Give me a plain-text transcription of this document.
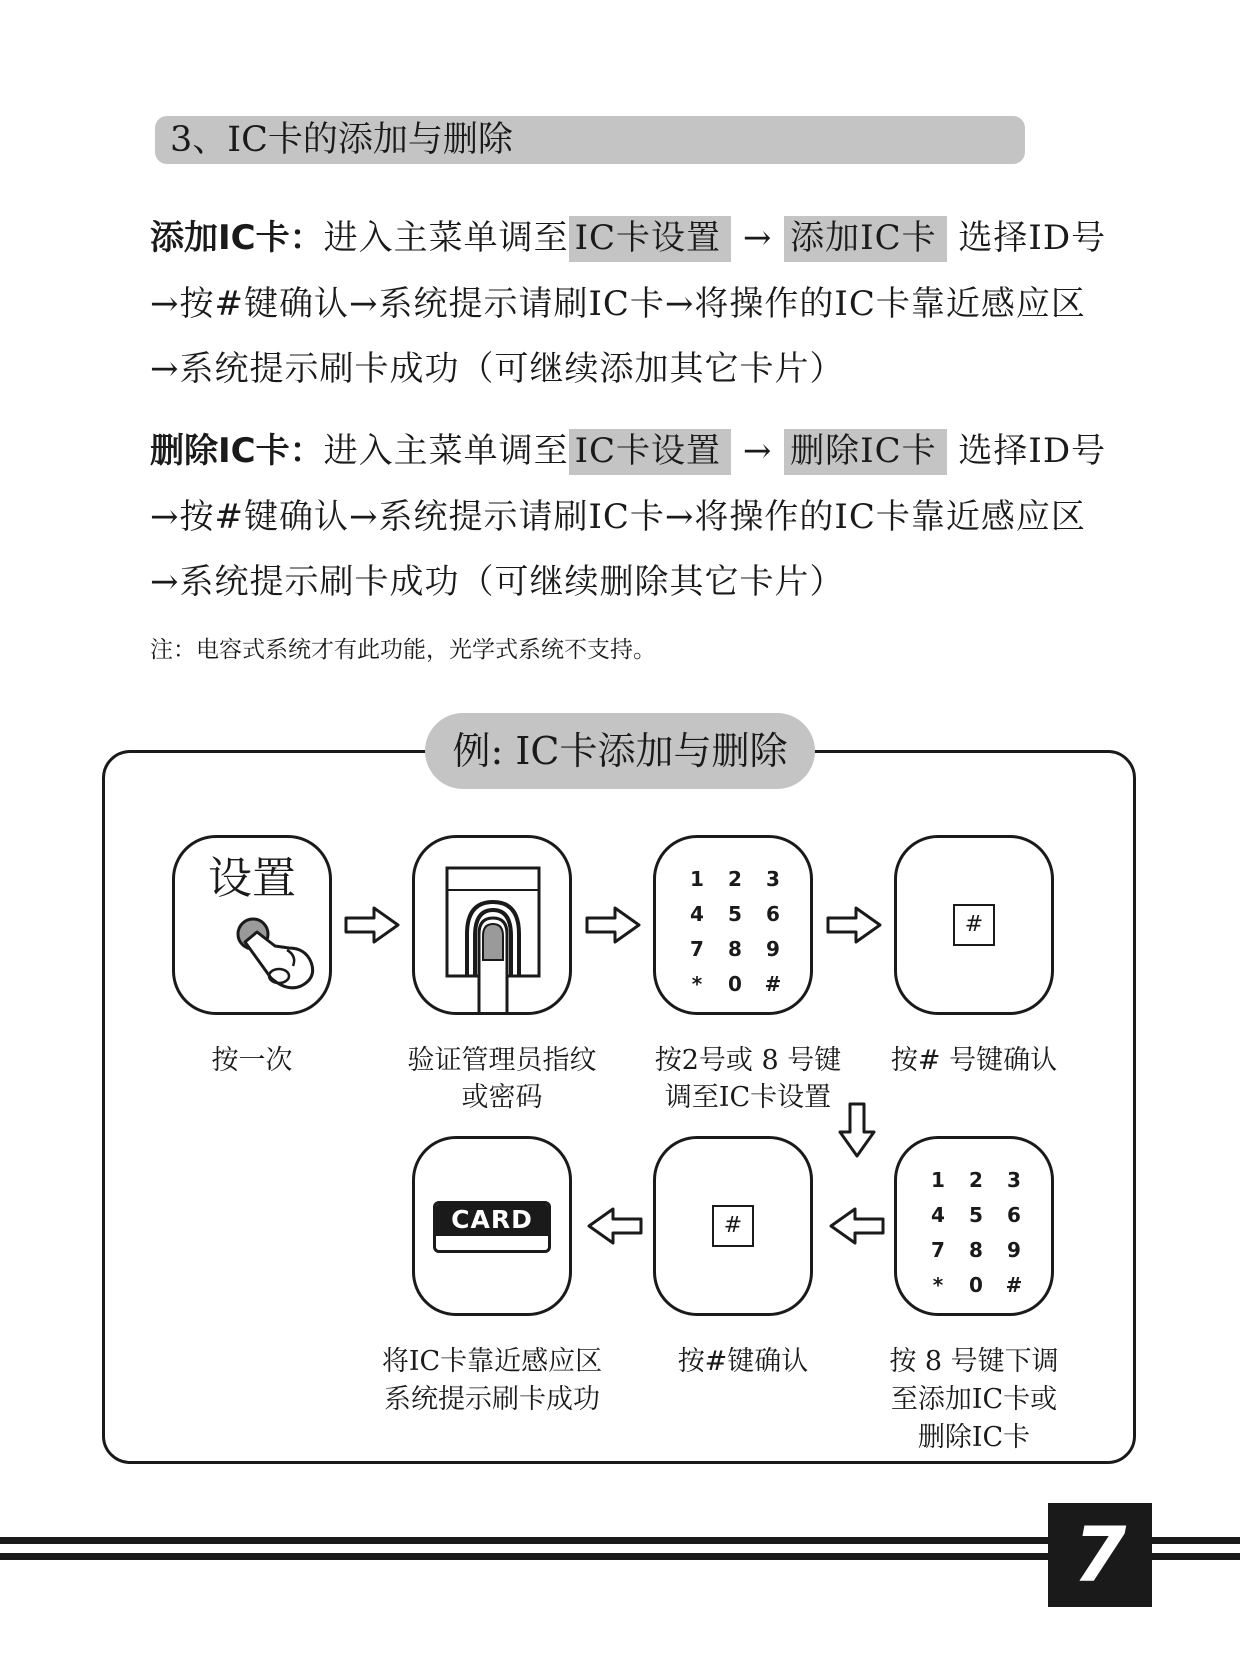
3、IC卡的添加与删除
添加IC卡：进入主菜单调至 IC卡设置 → 添加IC卡 选择ID号
→按#键确认→系统提示请刷IC卡→将操作的IC卡靠近感应区
→系统提示刷卡成功（可继续添加其它卡片）
删除IC卡：进入主菜单调至 IC卡设置 → 删除IC卡 选择ID号
→按#键确认→系统提示请刷IC卡→将操作的IC卡靠近感应区
→系统提示刷卡成功（可继续删除其它卡片）
注：电容式系统才有此功能，光学式系统不支持。
例: IC卡添加与删除
设置	1	2	3
4	5	6
7	8	9
*	0	#
#
CARD	#
1	2	3
4	5	6
7	8	9
*	0	#
按一次	验证管理员指纹
或密码
按2号或 8 号键
调至IC卡设置
按# 号键确认
按 8 号键下调
至添加IC卡或
删除IC卡
按#键确认
将IC卡靠近感应区
系统提示刷卡成功
7
